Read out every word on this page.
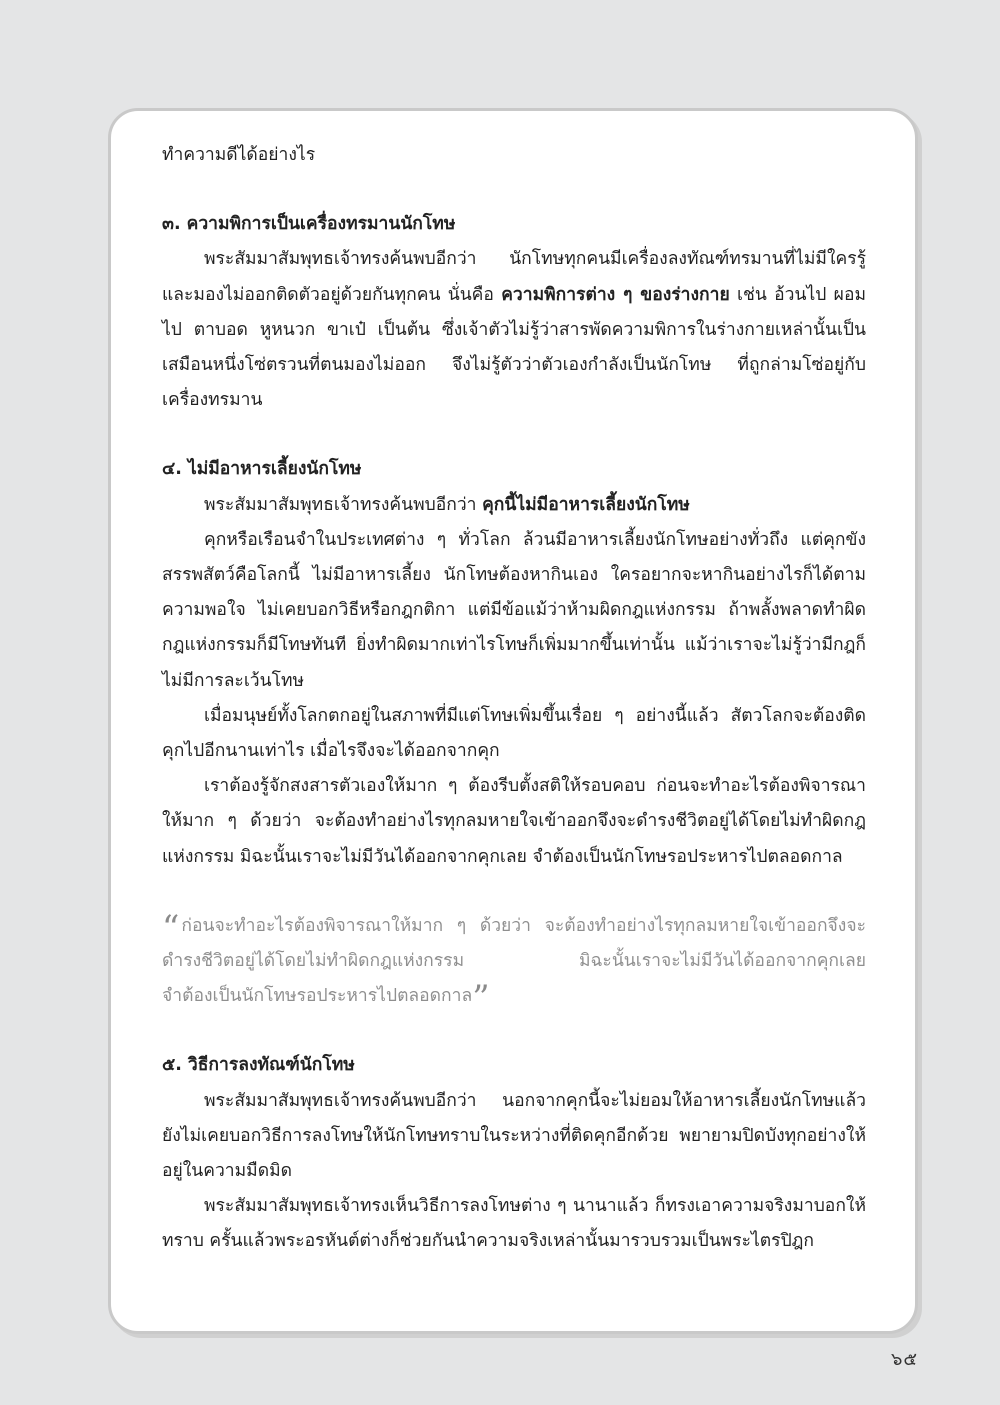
ทำความดีได้อย่างไร
๓. ความพิการเป็นเครื่องทรมานนักโทษ

พระสัมมาสัมพุทธเจ้าทรงค้นพบอีกว่า นักโทษทุกคนมีเครื่องลงทัณฑ์ทรมานที่ไม่มีใครรู้และมองไม่ออกติดตัวอยู่ด้วยกันทุกคน นั่นคือ ความพิการต่าง ๆ ของร่างกาย เช่น อ้วนไป ผอมไป ตาบอด หูหนวก ขาเป๋ เป็นต้น ซึ่งเจ้าตัวไม่รู้ว่าสารพัดความพิการในร่างกายเหล่านั้นเป็นเสมือนหนึ่งโซ่ตรวนที่ตนมองไม่ออก จึงไม่รู้ตัวว่าตัวเองกำลังเป็นนักโทษ ที่ถูกล่ามโซ่อยู่กับเครื่องทรมาน

๔. ไม่มีอาหารเลี้ยงนักโทษ

พระสัมมาสัมพุทธเจ้าทรงค้นพบอีกว่า คุกนี้ไม่มีอาหารเลี้ยงนักโทษ

คุกหรือเรือนจำในประเทศต่าง ๆ ทั่วโลก ล้วนมีอาหารเลี้ยงนักโทษอย่างทั่วถึง แต่คุกขังสรรพสัตว์คือโลกนี้ ไม่มีอาหารเลี้ยง นักโทษต้องหากินเอง ใครอยากจะหากินอย่างไรก็ได้ตามความพอใจ ไม่เคยบอกวิธีหรือกฎกติกา แต่มีข้อแม้ว่าห้ามผิดกฎแห่งกรรม ถ้าพลั้งพลาดทำผิดกฎแห่งกรรมก็มีโทษทันที ยิ่งทำผิดมากเท่าไรโทษก็เพิ่มมากขึ้นเท่านั้น แม้ว่าเราจะไม่รู้ว่ามีกฎก็ไม่มีการละเว้นโทษ

เมื่อมนุษย์ทั้งโลกตกอยู่ในสภาพที่มีแต่โทษเพิ่มขึ้นเรื่อย ๆ อย่างนี้แล้ว สัตวโลกจะต้องติดคุกไปอีกนานเท่าไร เมื่อไรจึงจะได้ออกจากคุก

เราต้องรู้จักสงสารตัวเองให้มาก ๆ ต้องรีบตั้งสติให้รอบคอบ ก่อนจะทำอะไรต้องพิจารณาให้มาก ๆ ด้วยว่า จะต้องทำอย่างไรทุกลมหายใจเข้าออกจึงจะดำรงชีวิตอยู่ได้โดยไม่ทำผิดกฎแห่งกรรม มิฉะนั้นเราจะไม่มีวันได้ออกจากคุกเลย จำต้องเป็นนักโทษรอประหารไปตลอดกาล

“ ก่อนจะทำอะไรต้องพิจารณาให้มาก ๆ ด้วยว่า จะต้องทำอย่างไรทุกลมหายใจเข้าออกจึงจะดำรงชีวิตอยู่ได้โดยไม่ทำผิดกฎแห่งกรรม มิฉะนั้นเราจะไม่มีวันได้ออกจากคุกเลย
จำต้องเป็นนักโทษรอประหารไปตลอดกาล”
๕. วิธีการลงทัณฑ์นักโทษ

พระสัมมาสัมพุทธเจ้าทรงค้นพบอีกว่า นอกจากคุกนี้จะไม่ยอมให้อาหารเลี้ยงนักโทษแล้ว ยังไม่เคยบอกวิธีการลงโทษให้นักโทษทราบในระหว่างที่ติดคุกอีกด้วย พยายามปิดบังทุกอย่างให้อยู่ในความมืดมิด

พระสัมมาสัมพุทธเจ้าทรงเห็นวิธีการลงโทษต่าง ๆ นานาแล้ว ก็ทรงเอาความจริงมาบอกให้ทราบ ครั้นแล้วพระอรหันต์ต่างก็ช่วยกันนำความจริงเหล่านั้นมารวบรวมเป็นพระไตรปิฎก

๖๕
